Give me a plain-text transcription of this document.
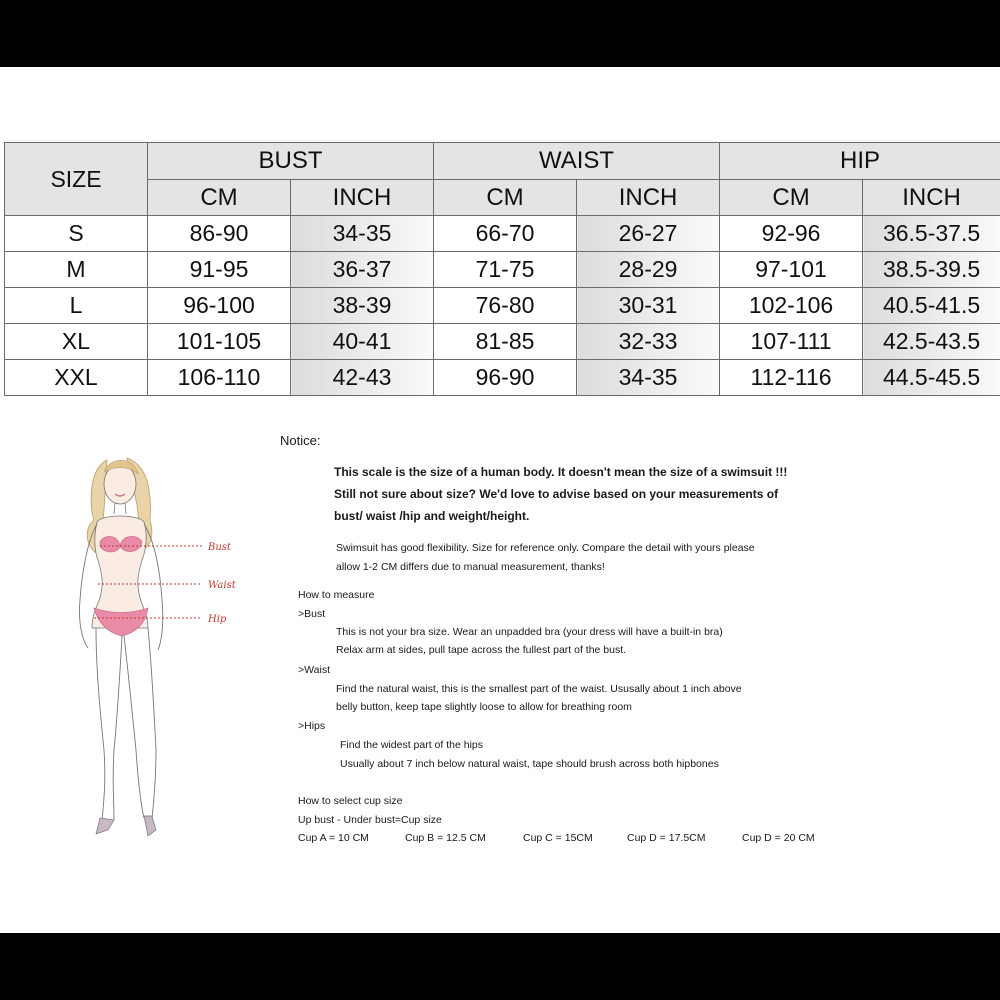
SIZE	BUST		WAIST		HIP	
	CM	INCH	CM	INCH	CM	INCH
S	86-90	34-35	66-70	26-27	92-96	36.5-37.5
M	91-95	36-37	71-75	28-29	97-101	38.5-39.5
L	96-100	38-39	76-80	30-31	102-106	40.5-41.5
XL	101-105	40-41	81-85	32-33	107-111	42.5-43.5
XXL	106-110	42-43	96-90	34-35	112-116	44.5-45.5
Bust
Waist
Hip
Notice:
This scale is the size of a human body. It doesn't mean the size of a swimsuit !!!
Still not sure about size? We'd love to advise based on your measurements of
bust/ waist /hip and weight/height.
Swimsuit has good flexibility. Size for reference only. Compare the detail with yours please
allow 1-2 CM differs due to manual measurement, thanks!
How to measure
>Bust
This is not your bra size. Wear an unpadded bra (your dress will have a built-in bra)
Relax arm at sides, pull tape across the fullest part of the bust.
>Waist
Find the natural waist, this is the smallest part of the waist. Ususally about 1 inch above
belly button, keep tape slightly loose to allow for breathing room
>Hips
Find the widest part of the hips
Usually about 7 inch below natural waist, tape should brush across both hipbones
How to select cup size
Up bust - Under bust=Cup size
Cup A = 10 CM	Cup B = 12.5 CM	Cup C = 15CM	Cup D = 17.5CM	Cup D = 20 CM
